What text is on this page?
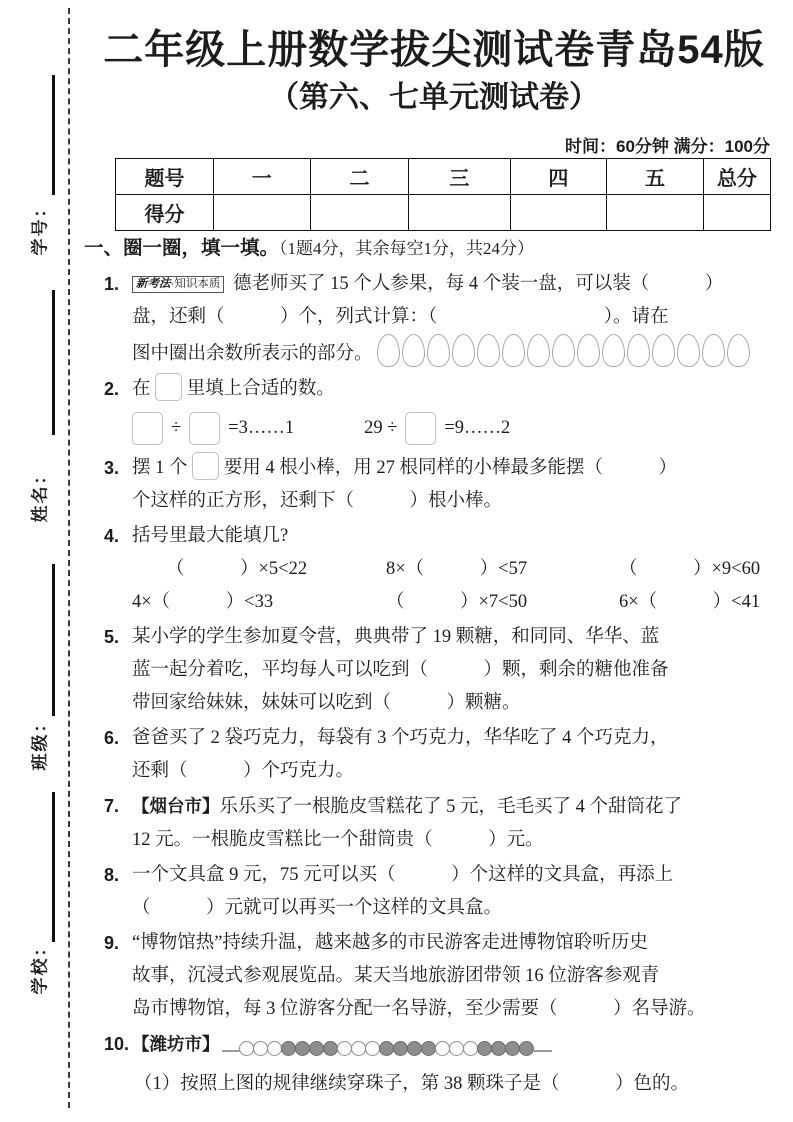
学号：
姓名：
班级：
学校：
二年级上册数学拔尖测试卷青岛54版
（第六、七单元测试卷）
时间：60分钟 满分：100分
题号	一	二	三	四	五	总分
得分						
一、圈一圈，填一填。（1题4分，其余每空1分，共24分）
1.	新考法·知识本质 德老师买了 15 个人参果，每 4 个装一盘，可以装（　　　）
盘，还剩（　　　）个，列式计算：（　　　　　　　　　）。请在
图中圈出余数所表示的部分。
2. 在 里填上合适的数。
÷	=3……1	29 ÷	=9……2
3. 摆 1 个 要用 4 根小棒，用 27 根同样的小棒最多能摆（　　　）
个这样的正方形，还剩下（　　　）根小棒。
4. 括号里最大能填几?
（　　　）×5<22	8×（　　　）<57	（　　　）×9<60
4×（　　　）<33	（　　　）×7<50	6×（　　　）<41
5. 某小学的学生参加夏令营，典典带了 19 颗糖，和同同、华华、蓝
蓝一起分着吃，平均每人可以吃到（　　　）颗，剩余的糖他准备
带回家给妹妹，妹妹可以吃到（　　　）颗糖。
6. 爸爸买了 2 袋巧克力，每袋有 3 个巧克力，华华吃了 4 个巧克力，
还剩（　　　）个巧克力。
7. 【烟台市】乐乐买了一根脆皮雪糕花了 5 元，毛毛买了 4 个甜筒花了
12 元。一根脆皮雪糕比一个甜筒贵（　　　）元。
8. 一个文具盒 9 元，75 元可以买（　　　）个这样的文具盒，再添上
（　　　）元就可以再买一个这样的文具盒。
9. “博物馆热”持续升温，越来越多的市民游客走进博物馆聆听历史
故事，沉浸式参观展览品。某天当地旅游团带领 16 位游客参观青
岛市博物馆，每 3 位游客分配一名导游，至少需要（　　　）名导游。
10. 【潍坊市】
（1）按照上图的规律继续穿珠子，第 38 颗珠子是（　　　）色的。
